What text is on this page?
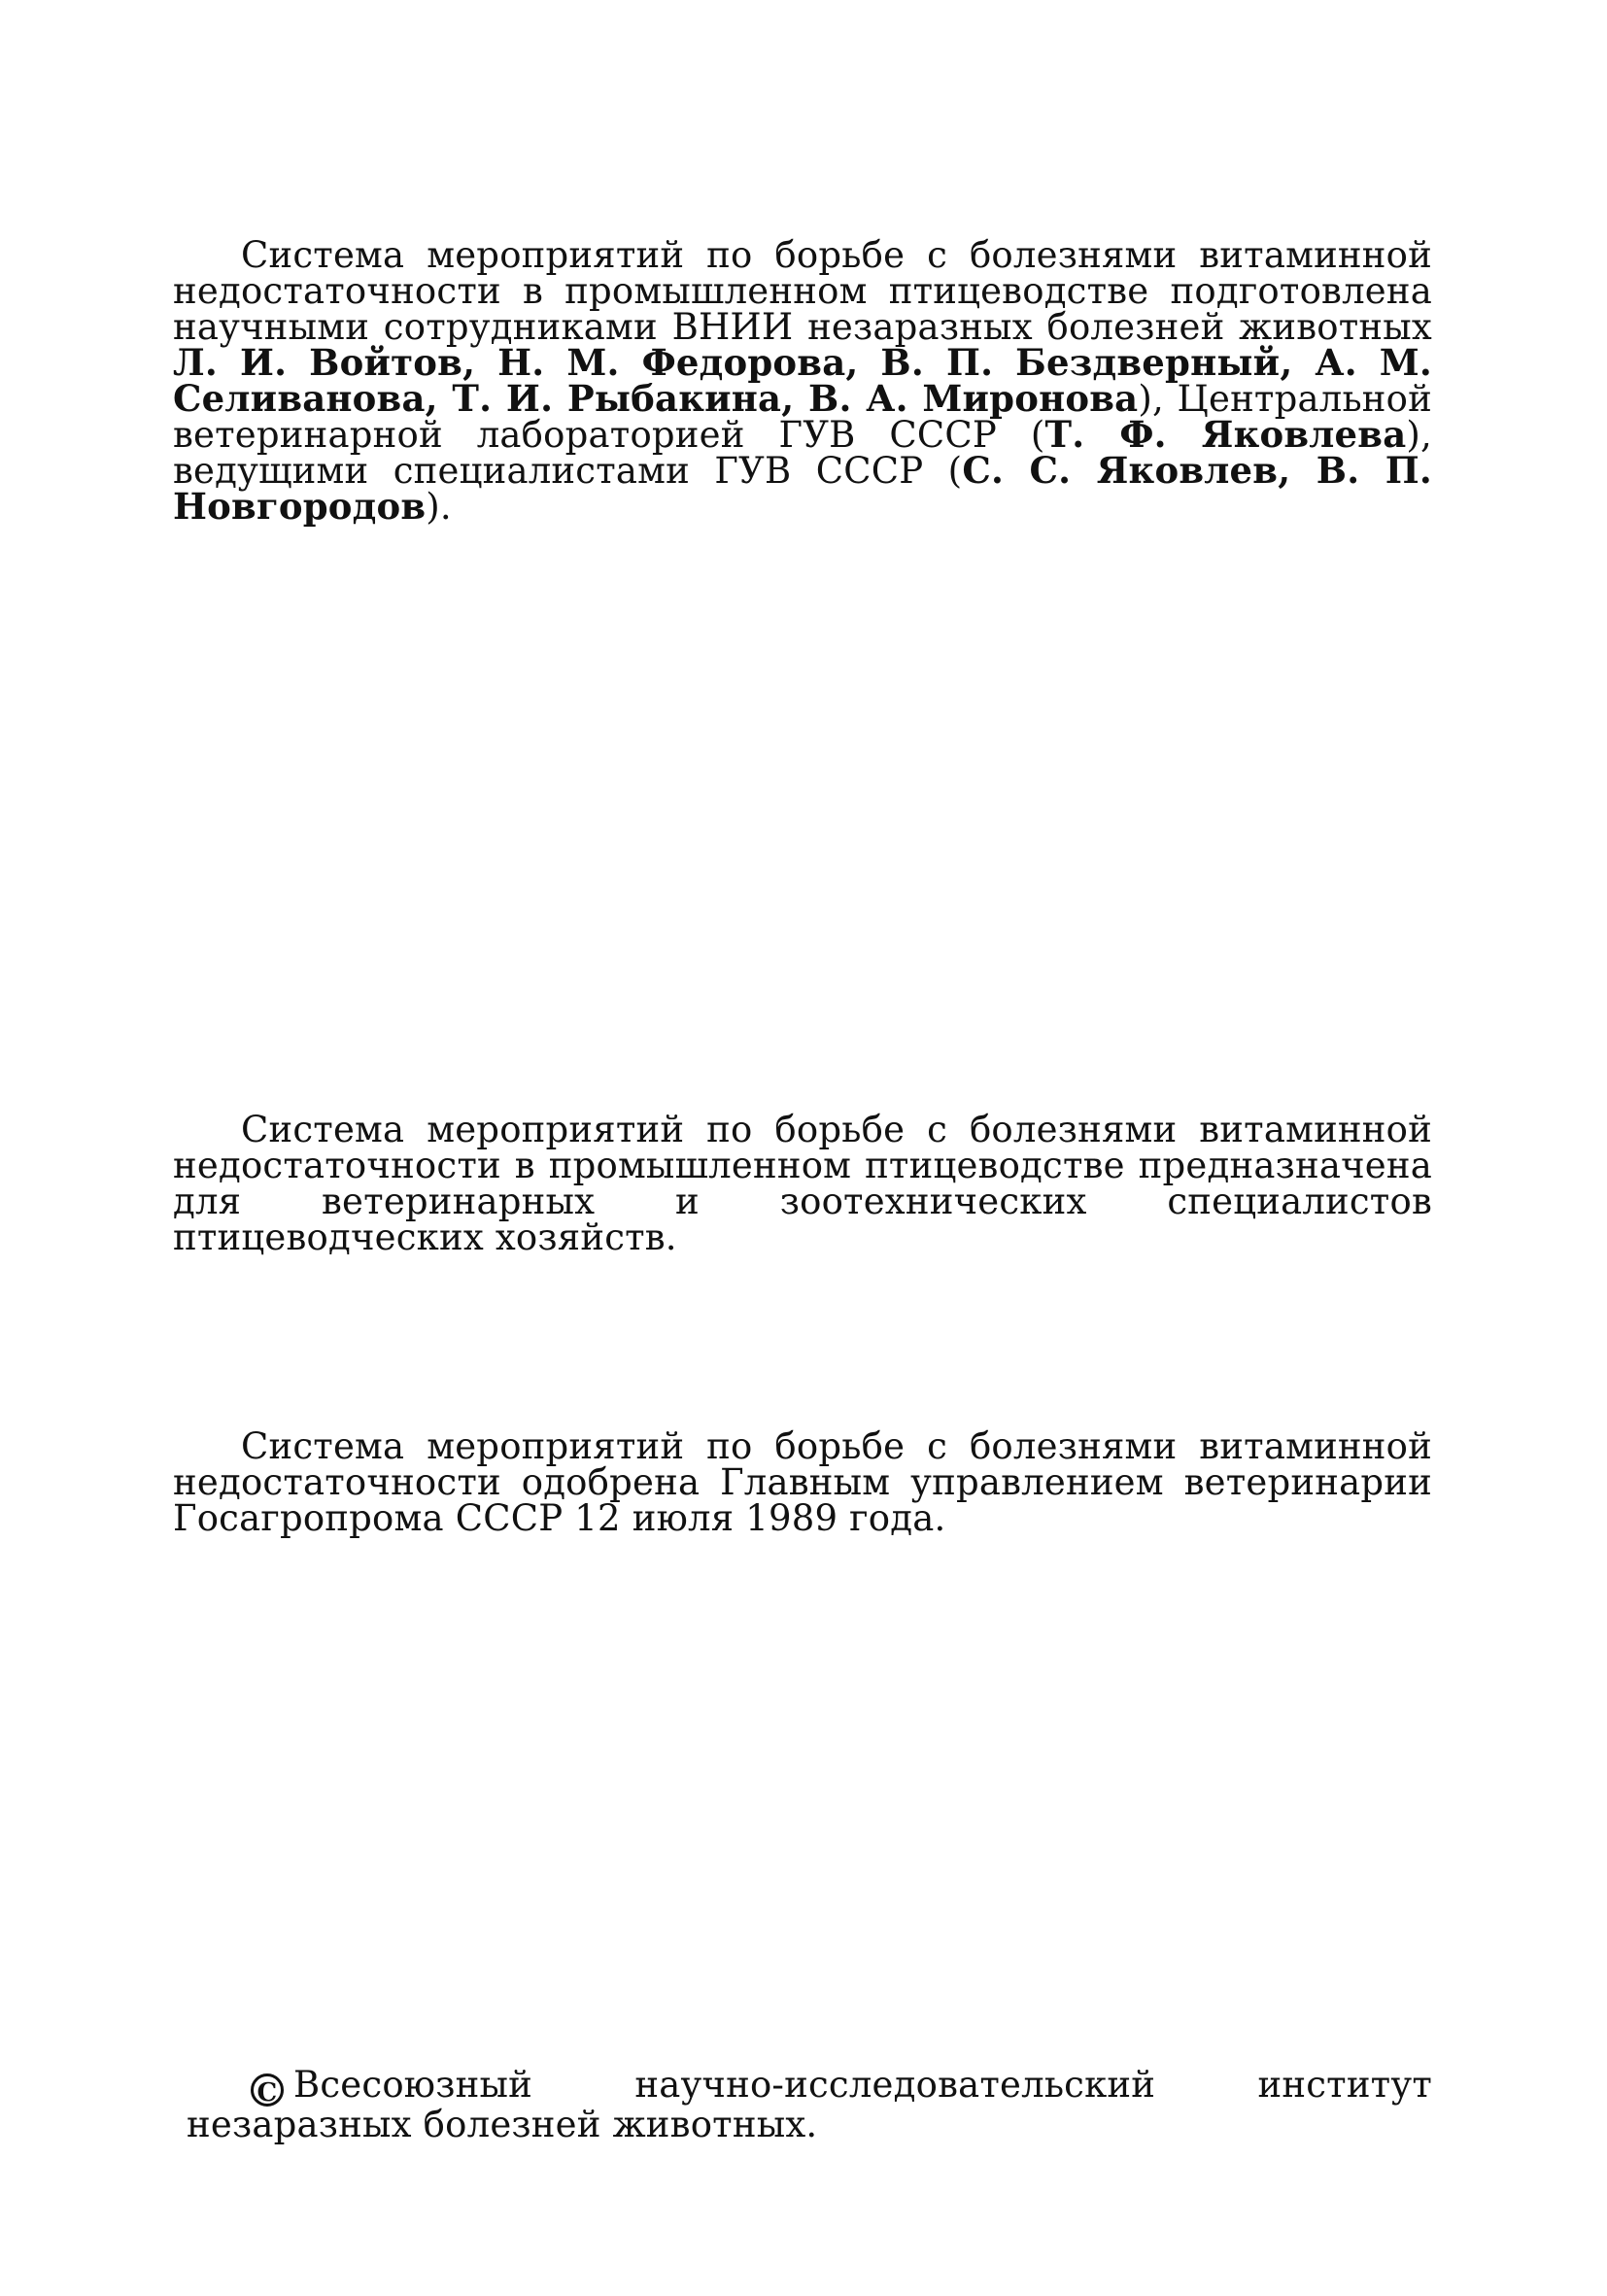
Система мероприятий по борьбе с болезнями витаминной недостаточности в промышленном птицеводстве подготовлена научными сотрудниками ВНИИ незаразных болезней животных Л. И. Войтов, Н. М. Федорова, В. П. Бездверный, А. М. Селиванова, Т. И. Рыбакина, В. А. Миронова), Центральной ветеринарной лабораторией ГУВ СССР (Т. Ф. Яковлева), ведущими специалистами ГУВ СССР (С. С. Яковлев, В. П. Новгородов).

Система мероприятий по борьбе с болезнями витаминной недостаточности в промышленном птицеводстве предназначена для ветеринарных и зоотехнических специалистов птицеводческих хозяйств.

Система мероприятий по борьбе с болезнями витаминной недостаточности одобрена Главным управлением ветеринарии Госагропрома СССР 12 июля 1989 года.

C Всесоюзный научно-исследовательский институт незаразных болезней животных.
